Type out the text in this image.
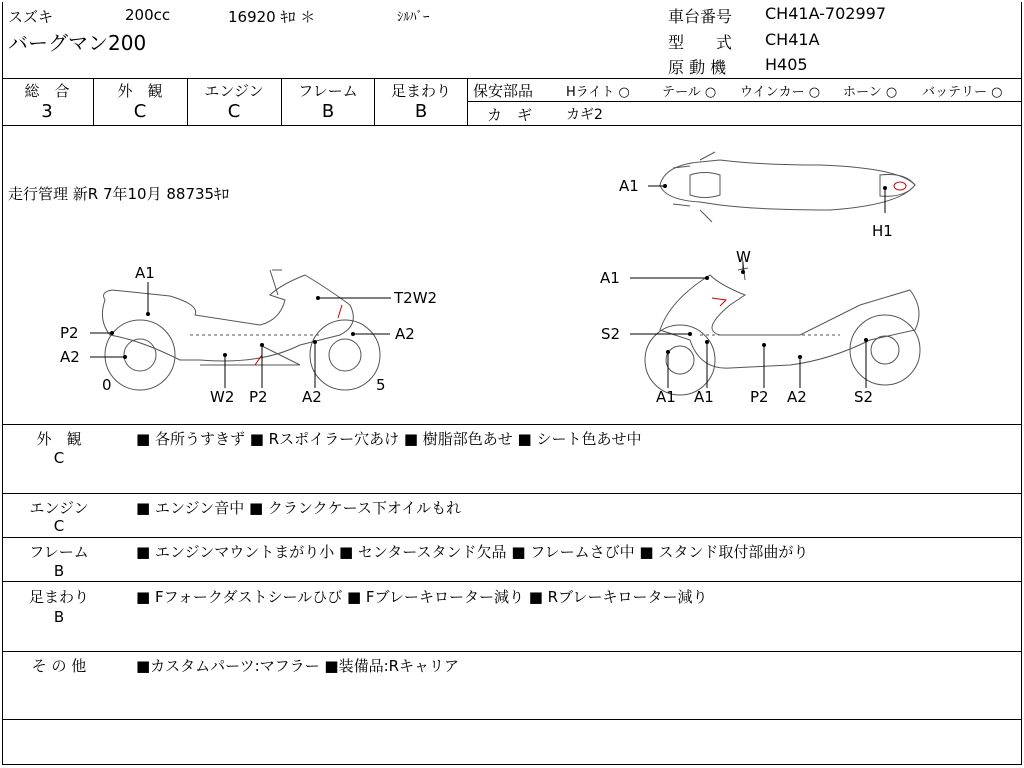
スズキ	200cc	16920 ｷﾛ ＊	ｼﾙﾊﾞｰ
バーグマン200
車台番号 CH41A-702997
型　　式 CH41A
原 動 機 H405
総　合
3
外　観
C
エンジン
C
フレーム
B
足まわり
B
保安部品	Hライト ○ テール ○ ウインカー ○ ホーン ○ バッテリー ○
カ　ギ カギ2
走行管理 新R 7年10月 88735ｷﾛ	A1
H1
A1
P2
A2
T2W2
A2
0	5
W2 P2 A2
W
A1
S2
A1 A1 P2 A2	S2
外　観
C
■ 各所うすきず ■ Rスポイラー穴あけ ■ 樹脂部色あせ ■ シート色あせ中
エンジン
C
■ エンジン音中 ■ クランクケース下オイルもれ
フレーム
B
■ エンジンマウントまがり小 ■ センタースタンド欠品 ■ フレームさび中 ■ スタンド取付部曲がり
足まわり
B
■ Fフォークダストシールひび ■ Fブレーキローター減り ■ Rブレーキローター減り
そ の 他	■カスタムパーツ:マフラー ■装備品:Rキャリア
